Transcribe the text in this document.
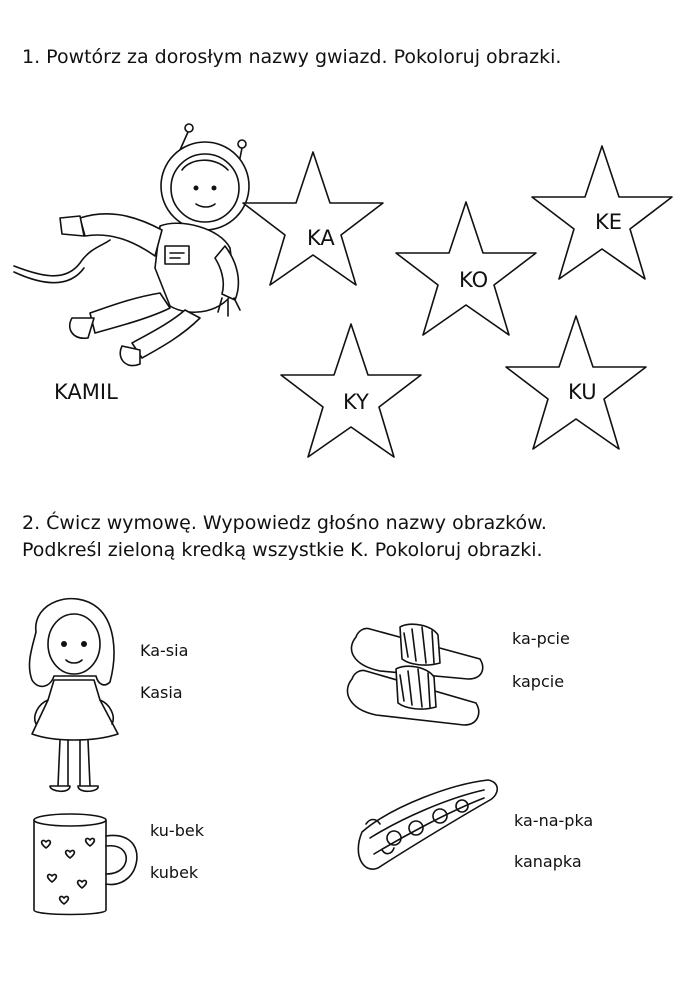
1. Powtórz za dorosłym nazwy gwiazd. Pokoloruj obrazki.
KAMIL
KA
KE
KO
KY	KU
2. Ćwicz wymowę. Wypowiedz głośno nazwy obrazków.
Podkreśl zieloną kredką wszystkie K. Pokoloruj obrazki.
Ka-sia
Kasia
ka-pcie
kapcie
ku-bek
kubek
ka-na-pka
kanapka
